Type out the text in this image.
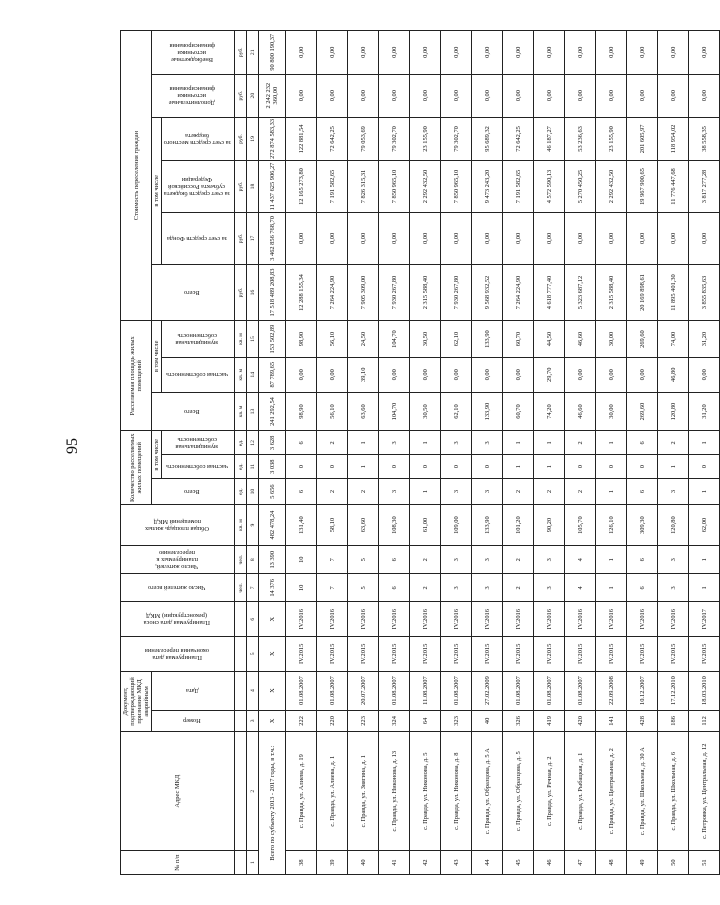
95
№ п/п	Адрес МКД	Документ, подтверждающий признание МКД аварийным		Планируемая дата окончания переселения	Планируемая дата сноса (реконструкции) МКД	Число жителей всего	Число жителей, планируемых к переселению	Общая площадь жилых помещений МКД	Количество расселяемых жилых помещений			Расселяемая площадь жилых помещений			Стоимость переселения граждан					
		Номер	Дата						Всего	в том числе		Всего	в том числе		Всего	в том числе			Дополнительные источники финансирования	Внебюджетные источники финансирования
										частная собственность	муниципальная собственность		частная собственность	муниципальная собственность		за счет средств Фонда	за счет средств бюджета субъекта Российской Федерации	за счет средств местного бюджета		
						чел.	чел.	кв. м	ед.	ед.	ед.	кв. м	кв. м	кв. м	руб.	руб.	руб.	руб.	руб.	руб.
1	2	3	4	5	6	7	8	9	10	11	12	13	14	15	16	17	18	19	20	21
Всего по субъекту 2013 - 2017 годы, в т.ч.:		X	X	X	X	14 376	13 390	482 478,24	5 656	3 038	3 628	241 292,54	87 789,65	153 502,89	17 518 489 208,83	3 462 856 768,70	11 437 625 906,27	272 874 583,33	2 242 232 360,00	90 800 190,37
38	с. Правда, ул. Алиева, д. 19	222	01.08.2007	IV.2015	IV.2016	10	10	131,40	6	0	6	98,90	0,00	98,90	12 288 155,34	0,00	12 165 273,80	122 881,54	0,00	0,00
39	с. Правда, ул. Алиева, д. 1	220	01.08.2007	IV.2015	IV.2016	7	7	58,10	2	0	2	56,10	0,00	56,10	7 264 224,90	0,00	7 191 582,65	72 642,25	0,00	0,00
40	с. Правда, ул. Звягина, д. 1	223	20.07.2007	IV.2015	IV.2016	5	5	63,60	2	1	1	63,60	39,10	24,50	7 905 309,00	0,00	7 826 315,31	79 053,69	0,00	0,00
41	с. Правда, ул. Никонова, д. 13	324	01.08.2007	IV.2015	IV.2016	6	6	108,30	3	0	3	104,70	0,00	104,70	7 930 267,80	0,00	7 850 965,10	79 302,70	0,00	0,00
42	с. Правда, ул. Никонова, д. 5	64	11.08.2007	IV.2015	IV.2016	2	2	61,00	1	0	1	30,50	0,00	30,50	2 315 588,40	0,00	2 292 432,50	23 155,90	0,00	0,00
43	с. Правда, ул. Никонова, д. 8	323	01.08.2007	IV.2015	IV.2016	3	3	109,00	3	0	3	62,10	0,00	62,10	7 930 267,80	0,00	7 850 965,10	79 302,70	0,00	0,00
44	с. Правда, ул. Образцова, д. 5 А	40	27.02.2009	IV.2015	IV.2016	3	3	133,90	3	0	3	133,90	0,00	133,90	9 568 932,52	0,00	9 473 243,20	95 689,32	0,00	0,00
45	с. Правда, ул. Образцова, д. 5	326	01.08.2007	IV.2015	IV.2016	2	2	101,20	2	1	1	60,70	0,00	60,70	7 264 224,90	0,00	7 191 582,65	72 642,25	0,00	0,00
46	с. Правда, ул. Речная, д. 2	419	01.08.2007	IV.2015	IV.2016	3	3	90,20	2	1	1	74,20	29,70	44,50	4 618 777,40	0,00	4 572 590,13	46 187,27	0,00	0,00
47	с. Правда, ул. Рыбацкая, д. 1	420	01.08.2007	IV.2015	IV.2016	4	4	105,70	2	0	2	46,60	0,00	46,60	5 323 687,12	0,00	5 270 450,25	53 236,63	0,00	0,00
48	с. Правда, ул. Центральная, д. 2	141	22.09.2008	IV.2015	IV.2016	1	1	126,10	1	0	1	30,00	0,00	30,00	2 315 588,40	0,00	2 292 432,50	23 155,90	0,00	0,00
49	с. Правда, ул. Школьная, д. 30 А	428	10.12.2007	IV.2015	IV.2016	6	6	309,30	6	0	6	269,60	0,00	269,60	20 169 898,61	0,00	19 967 900,65	201 605,97	0,00	0,00
50	с. Правда, ул. Школьная, д. 6	186	17.12.2010	IV.2015	IV.2016	3	3	120,80	3	1	2	120,80	46,80	74,00	11 895 401,30	0,00	11 776 447,68	118 954,02	0,00	0,00
51	с. Петровка, ул. Центральная, д. 12	112	18.03.2010	IV.2015	IV.2017	1	1	62,00	1	0	1	31,20	0,00	31,20	3 855 835,63	0,00	3 817 277,28	38 558,35	0,00	0,00
